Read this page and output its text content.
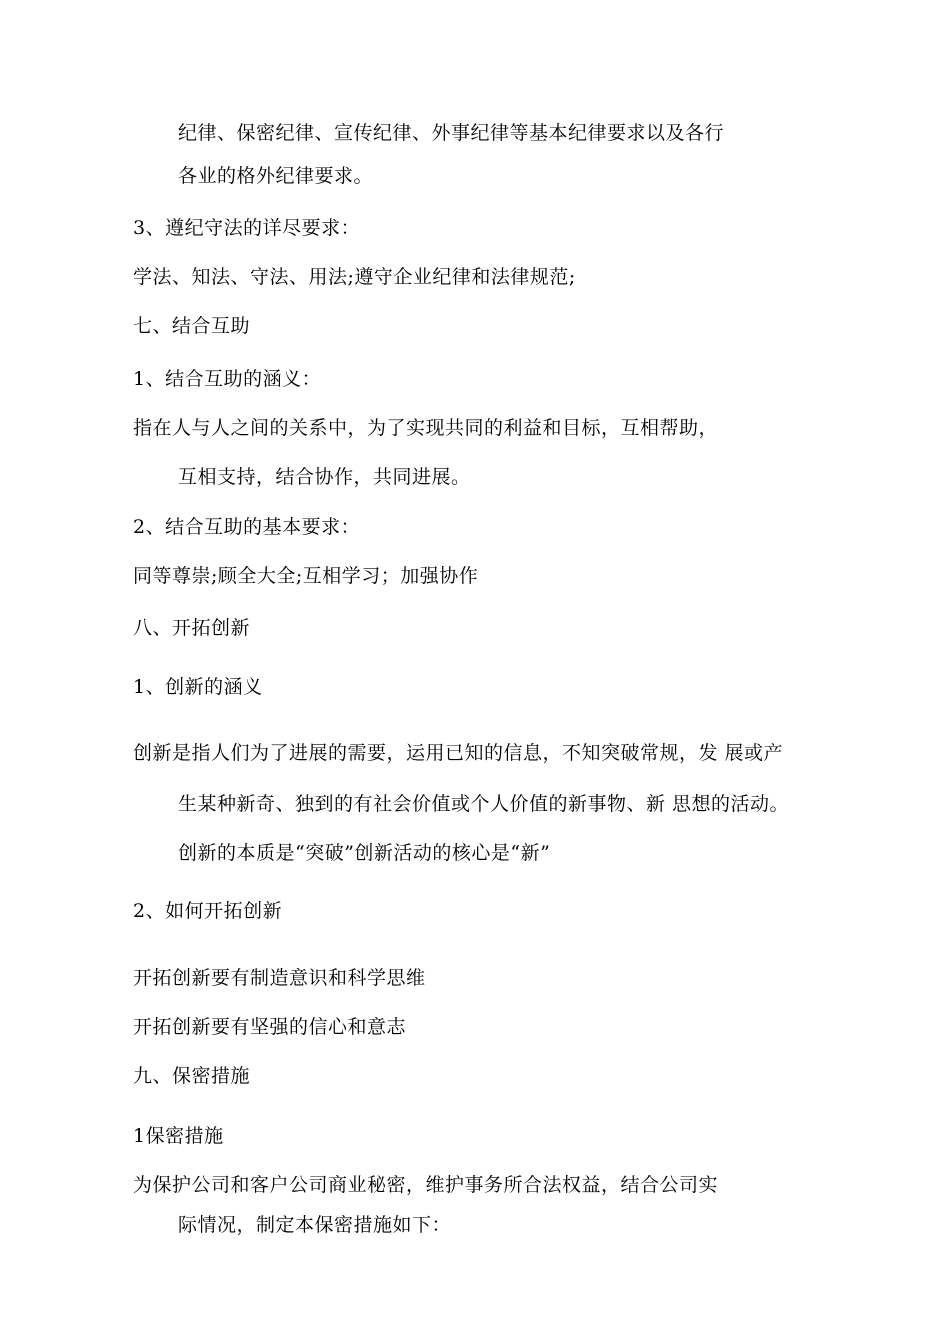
纪律、保密纪律、宣传纪律、外事纪律等基本纪律要求以及各行
各业的格外纪律要求。
3、遵纪守法的详尽要求：
学法、知法、守法、用法;遵守企业纪律和法律规范;
七、结合互助
1、结合互助的涵义：
指在人与人之间的关系中，为了实现共同的利益和目标，互相帮助，
互相支持，结合协作，共同进展。
2、结合互助的基本要求：
同等尊崇;顾全大全;互相学习；加强协作
八、开拓创新
1、创新的涵义
创新是指人们为了进展的需要，运用已知的信息，不知突破常规，发 展或产
生某种新奇、独到的有社会价值或个人价值的新事物、新 思想的活动。
创新的本质是“突破”创新活动的核心是“新”
2、如何开拓创新
开拓创新要有制造意识和科学思维
开拓创新要有坚强的信心和意志
九、保密措施
1保密措施
为保护公司和客户公司商业秘密，维护事务所合法权益，结合公司实
际情况，制定本保密措施如下：
